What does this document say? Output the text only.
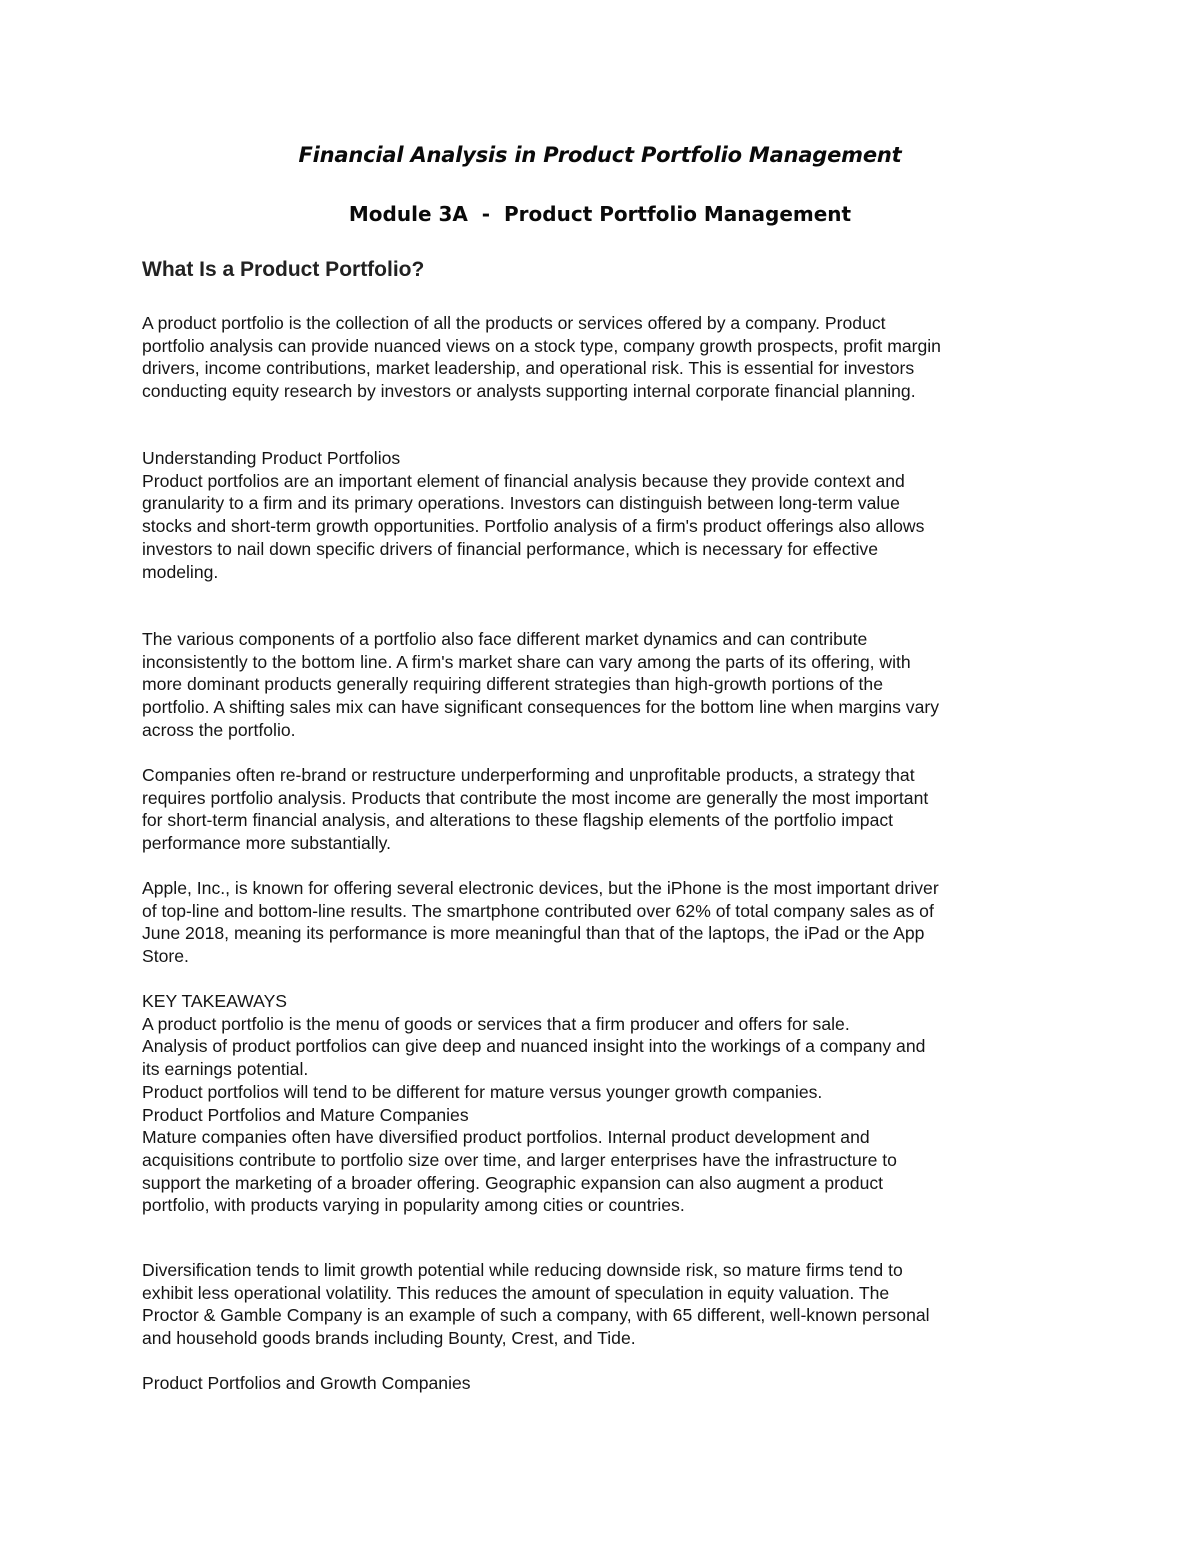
Financial Analysis in Product Portfolio Management
Module 3A  -  Product Portfolio Management
What Is a Product Portfolio?
A product portfolio is the collection of all the products or services offered by a company. Product
portfolio analysis can provide nuanced views on a stock type, company growth prospects, profit margin
drivers, income contributions, market leadership, and operational risk. This is essential for investors
conducting equity research by investors or analysts supporting internal corporate financial planning.
Understanding Product Portfolios
Product portfolios are an important element of financial analysis because they provide context and
granularity to a firm and its primary operations. Investors can distinguish between long-term value
stocks and short-term growth opportunities. Portfolio analysis of a firm's product offerings also allows
investors to nail down specific drivers of financial performance, which is necessary for effective
modeling.
The various components of a portfolio also face different market dynamics and can contribute
inconsistently to the bottom line. A firm's market share can vary among the parts of its offering, with
more dominant products generally requiring different strategies than high-growth portions of the
portfolio. A shifting sales mix can have significant consequences for the bottom line when margins vary
across the portfolio.
Companies often re-brand or restructure underperforming and unprofitable products, a strategy that
requires portfolio analysis. Products that contribute the most income are generally the most important
for short-term financial analysis, and alterations to these flagship elements of the portfolio impact
performance more substantially.
Apple, Inc., is known for offering several electronic devices, but the iPhone is the most important driver
of top-line and bottom-line results. The smartphone contributed over 62% of total company sales as of
June 2018, meaning its performance is more meaningful than that of the laptops, the iPad or the App
Store.
KEY TAKEAWAYS
A product portfolio is the menu of goods or services that a firm producer and offers for sale.
Analysis of product portfolios can give deep and nuanced insight into the workings of a company and
its earnings potential.
Product portfolios will tend to be different for mature versus younger growth companies.
Product Portfolios and Mature Companies
Mature companies often have diversified product portfolios. Internal product development and
acquisitions contribute to portfolio size over time, and larger enterprises have the infrastructure to
support the marketing of a broader offering. Geographic expansion can also augment a product
portfolio, with products varying in popularity among cities or countries.
Diversification tends to limit growth potential while reducing downside risk, so mature firms tend to
exhibit less operational volatility. This reduces the amount of speculation in equity valuation. The
Proctor & Gamble Company is an example of such a company, with 65 different, well-known personal
and household goods brands including Bounty, Crest, and Tide.
Product Portfolios and Growth Companies
